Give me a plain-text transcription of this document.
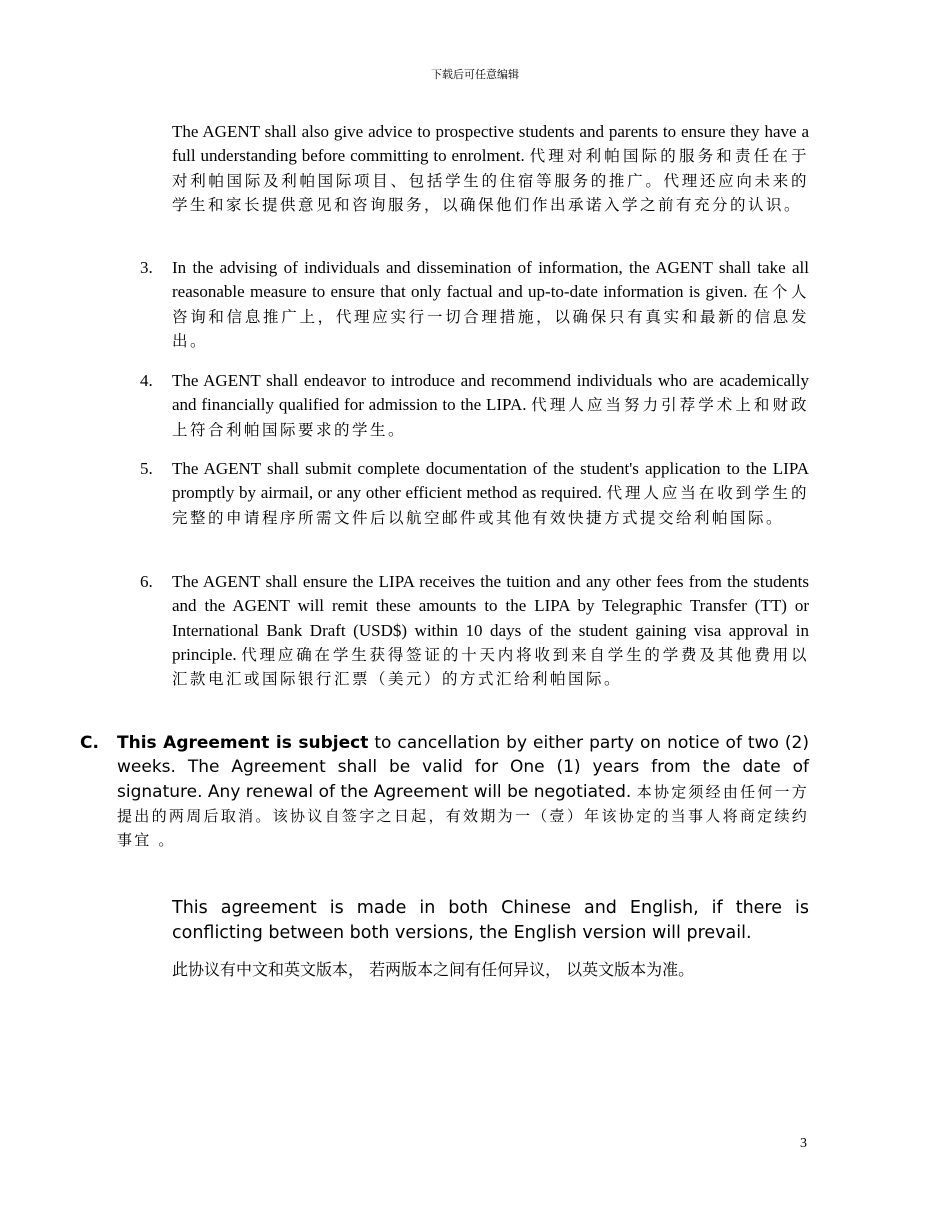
下载后可任意编辑
The AGENT shall also give advice to prospective students and parents to ensure they have a full understanding before committing to enrolment. 代理对利帕国际的服务和责任在于对利帕国际及利帕国际项目、包括学生的住宿等服务的推广。代理还应向未来的学生和家长提供意见和咨询服务，以确保他们作出承诺入学之前有充分的认识。
3.	In the advising of individuals and dissemination of information, the AGENT shall take all reasonable measure to ensure that only factual and up-to-date information is given. 在个人咨询和信息推广上，代理应实行一切合理措施，以确保只有真实和最新的信息发出。
4.	The AGENT shall endeavor to introduce and recommend individuals who are academically and financially qualified for admission to the LIPA. 代理人应当努力引荐学术上和财政上符合利帕国际要求的学生。
5.	The AGENT shall submit complete documentation of the student's application to the LIPA promptly by airmail, or any other efficient method as required. 代理人应当在收到学生的完整的申请程序所需文件后以航空邮件或其他有效快捷方式提交给利帕国际。
6.	The AGENT shall ensure the LIPA receives the tuition and any other fees from the students and the AGENT will remit these amounts to the LIPA by Telegraphic Transfer (TT) or International Bank Draft (USD$) within 10 days of the student gaining visa approval in principle. 代理应确在学生获得签证的十天内将收到来自学生的学费及其他费用以汇款电汇或国际银行汇票（美元）的方式汇给利帕国际。
C. This Agreement is subject to cancellation by either party on notice of two (2) weeks. The Agreement shall be valid for One (1) years from the date of signature. Any renewal of the Agreement will be negotiated. 本协定须经由任何一方提出的两周后取消。该协议自签字之日起，有效期为一（壹）年该协定的当事人将商定续约事宜 。
This agreement is made in both Chinese and English, if there is conflicting between both versions, the English version will prevail.
此协议有中文和英文版本， 若两版本之间有任何异议， 以英文版本为准。
3
